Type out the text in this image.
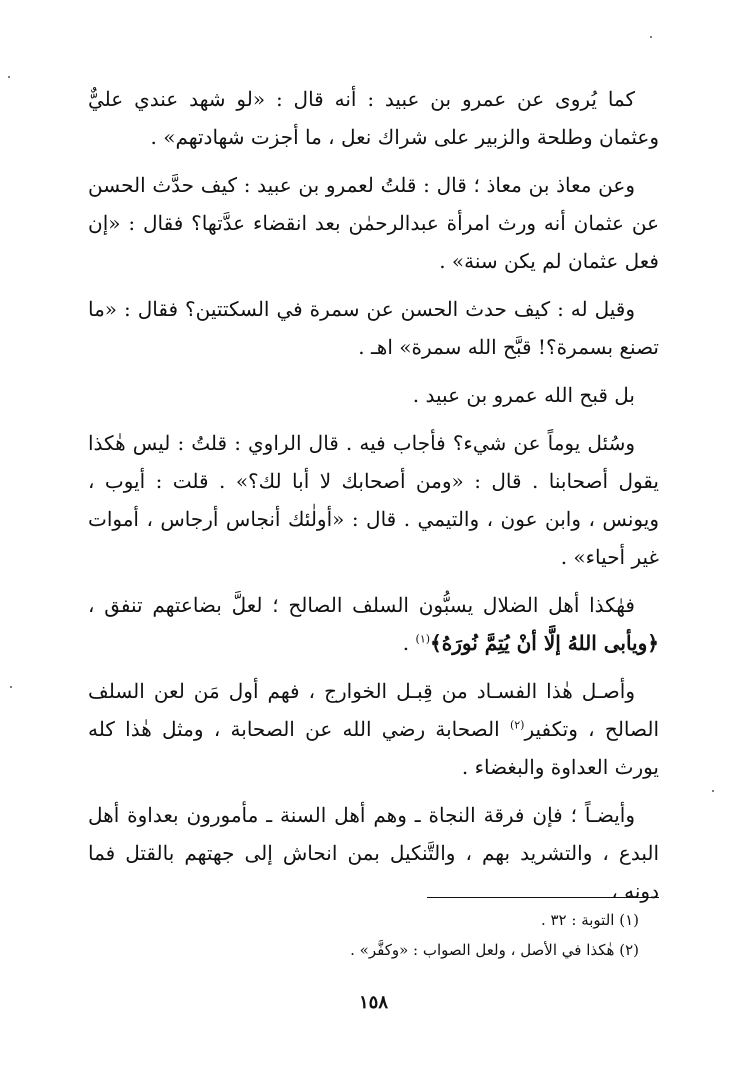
كما يُروى عن عمرو بن عبيد : أنه قال : «لو شهد عندي عليٌّ وعثمان وطلحة والزبير على شراك نعل ، ما أجزت شهادتهم» .

وعن معاذ بن معاذ ؛ قال : قلتُ لعمرو بن عبيد : كيف حدَّث الحسن عن عثمان أنه ورث امرأة عبدالرحمٰن بعد انقضاء عدَّتها؟ فقال : «إن فعل عثمان لم يكن سنة» .

وقيل له : كيف حدث الحسن عن سمرة في السكتتين؟ فقال : «ما تصنع بسمرة؟! قبَّح الله سمرة» اهـ .

بل قبح الله عمرو بن عبيد .

وسُئل يوماً عن شيء؟ فأجاب فيه . قال الراوي : قلتُ : ليس هٰكذا يقول أصحابنا . قال : «ومن أصحابك لا أبا لك؟» . قلت : أيوب ، ويونس ، وابن عون ، والتيمي . قال : «أولٰئك أنجاس أرجاس ، أموات غير أحياء» .

فهٰكذا أهل الضلال يسبُّون السلف الصالح ؛ لعلَّ بضاعتهم تنفق ، ﴿ويأبى اللهُ إلَّا أنْ يُتِمَّ نُورَهُ﴾$^{(١)}$ .

وأصـل هٰذا الفسـاد من قِبـل الخوارج ، فهم أول مَن لعن السلف الصالح ، وتكفير$^{(٢)}$ الصحابة رضي الله عن الصحابة ، ومثل هٰذا كله يورث العداوة والبغضاء .

وأيضـاً ؛ فإن فرقة النجاة ـ وهم أهل السنة ـ مأمورون بعداوة أهل البدع ، والتشريد بهم ، والتَّنكيل بمن انحاش إلى جهتهم بالقتل فما دونه ،

(١) التوبة : ٣٢ .
(٢) هٰكذا في الأصل ، ولعل الصواب : «وكفَّر» .
١٥٨
